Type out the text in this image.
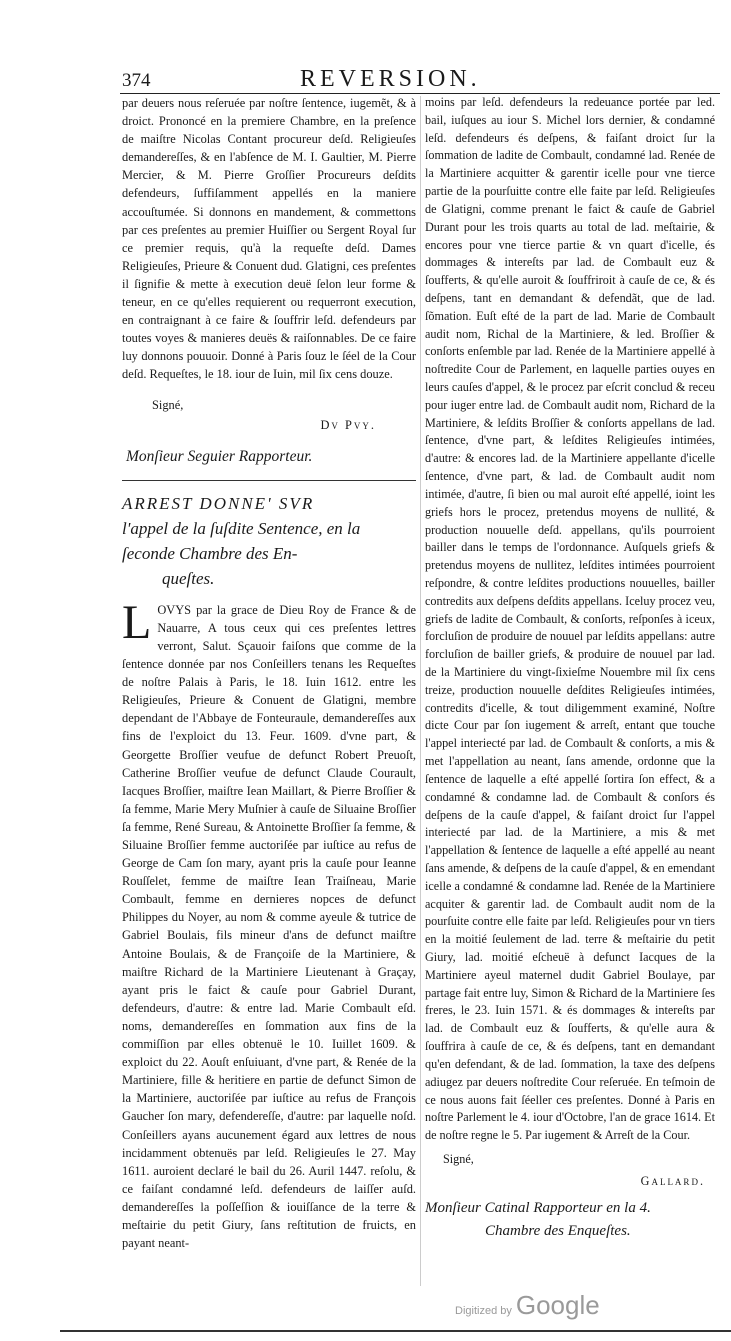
374	REVERSION.

par deuers nous reſeruée par noſtre ſentence, iugemẽt, & à droict. Prononcé en la premiere Chambre, en la preſence de maiſtre Nicolas Contant procureur deſd. Religieuſes demandereſſes, & en l'abſence de M. I. Gaultier, M. Pierre Mercier, & M. Pierre Groſſier Procureurs deſdits defendeurs, ſuffiſamment appellés en la maniere accouſtumée. Si donnons en mandement, & commettons par ces preſentes au premier Huiſſier ou Sergent Royal ſur ce premier requis, qu'à la requeſte deſd. Dames Religieuſes, Prieure & Conuent dud. Glatigni, ces preſentes il ſignifie & mette à execution deuë ſelon leur forme & teneur, en ce qu'elles requierent ou requerront execution, en contraignant à ce faire & ſouffrir leſd. defendeurs par toutes voyes & manieres deuës & raiſonnables. De ce faire luy donnons pouuoir. Donné à Paris ſouz le ſéel de la Cour deſd. Requeſtes, le 18. iour de Iuin, mil ſix cens douze.

Signé,
Dv Pvy.
Monſieur Seguier Rapporteur.
ARREST DONNE' SVR
l'appel de la ſuſdite Sentence, en la
ſeconde Chambre des En-
queſtes.
L OVYS par la grace de Dieu Roy de France & de Nauarre, A tous ceux qui ces preſentes lettres verront, Salut. Sçauoir faiſons que comme de la ſentence donnée par nos Conſeillers tenans les Requeſtes de noſtre Palais à Paris, le 18. Iuin 1612. entre les Religieuſes, Prieure & Conuent de Glatigni, membre dependant de l'Abbaye de Fonteuraule, demandereſſes aux fins de l'exploict du 13. Feur. 1609. d'vne part, & Georgette Broſſier veufue de defunct Robert Preuoſt, Catherine Broſſier veufue de defunct Claude Courault, Iacques Broſſier, maiſtre Iean Maillart, & Pierre Broſſier & ſa femme, Marie Mery Muſnier à cauſe de Siluaine Broſſier ſa femme, René Sureau, & Antoinette Broſſier ſa femme, & Siluaine Broſſier femme auctoriſée par iuſtice au refus de George de Cam ſon mary, ayant pris la cauſe pour Ieanne Rouſſelet, femme de maiſtre Iean Traiſneau, Marie Combault, femme en dernieres nopces de defunct Philippes du Noyer, au nom & comme ayeule & tutrice de Gabriel Boulais, fils mineur d'ans de defunct maiſtre Antoine Boulais, & de Françoiſe de la Martiniere, & maiſtre Richard de la Martiniere Lieutenant à Graçay, ayant pris le faict & cauſe pour Gabriel Durant, defendeurs, d'autre: & entre lad. Marie Combault eſd. noms, demandereſſes en ſommation aux fins de la commiſſion par elles obtenuë le 10. Iuillet 1609. & exploict du 22. Aouſt enſuiuant, d'vne part, & Renée de la Martiniere, fille & heritiere en partie de defunct Simon de la Martiniere, auctoriſée par iuſtice au refus de François Gaucher ſon mary, defendereſſe, d'autre: par laquelle noſd. Conſeillers ayans aucunement égard aux lettres de nous incidamment obtenuës par leſd. Religieuſes le 27. May 1611. auroient declaré le bail du 26. Auril 1447. reſolu, & ce faiſant condamné leſd. defendeurs de laiſſer auſd. demandereſſes la poſſeſſion & iouiſſance de la terre & meſtairie du petit Giury, ſans reſtitution de fruicts, en payant neant-

moins par leſd. defendeurs la redeuance portée par led. bail, iuſques au iour S. Michel lors dernier, & condamné leſd. defendeurs és deſpens, & faiſant droict ſur la ſommation de ladite de Combault, condamné lad. Renée de la Martiniere acquitter & garentir icelle pour vne tierce partie de la pourſuitte contre elle faite par leſd. Religieuſes de Glatigni, comme prenant le faict & cauſe de Gabriel Durant pour les trois quarts au total de lad. meſtairie, & encores pour vne tierce partie & vn quart d'icelle, és dommages & intereſts par lad. de Combault euz & ſoufferts, & qu'elle auroit & ſouffriroit à cauſe de ce, & és deſpens, tant en demandant & defendãt, que de lad. ſõmation. Euſt eſté de la part de lad. Marie de Combault audit nom, Richal de la Martiniere, & led. Broſſier & conſorts enſemble par lad. Renée de la Martiniere appellé à noſtredite Cour de Parlement, en laquelle parties ouyes en leurs cauſes d'appel, & le procez par eſcrit conclud & receu pour iuger entre lad. de Combault audit nom, Richard de la Martiniere, & leſdits Broſſier & conſorts appellans de lad. ſentence, d'vne part, & leſdites Religieuſes intimées, d'autre: & encores lad. de la Martiniere appellante d'icelle ſentence, d'vne part, & lad. de Combault audit nom intimée, d'autre, ſi bien ou mal auroit eſté appellé, ioint les griefs hors le procez, pretendus moyens de nullité, & production nouuelle deſd. appellans, qu'ils pourroient bailler dans le temps de l'ordonnance. Auſquels griefs & pretendus moyens de nullitez, leſdites intimées pourroient reſpondre, & contre leſdites productions nouuelles, bailler contredits aux deſpens deſdits appellans. Iceluy procez veu, griefs de ladite de Combault, & conſorts, reſponſes à iceux, forcluſion de produire de nouuel par leſdits appellans: autre forcluſion de bailler griefs, & produire de nouuel par lad. de la Martiniere du vingt-ſixieſme Nouembre mil ſix cens treize, production nouuelle deſdites Religieuſes intimées, contredits d'icelle, & tout diligemment examiné, Noſtre dicte Cour par ſon iugement & arreſt, entant que touche l'appel interiecté par lad. de Combault & conſorts, a mis & met l'appellation au neant, ſans amende, ordonne que la ſentence de laquelle a eſté appellé ſortira ſon effect, & a condamné & condamne lad. de Combault & conſors és deſpens de la cauſe d'appel, & faiſant droict ſur l'appel interiecté par lad. de la Martiniere, a mis & met l'appellation & ſentence de laquelle a eſté appellé au neant ſans amende, & deſpens de la cauſe d'appel, & en emendant icelle a condamné & condamne lad. Renée de la Martiniere acquiter & garentir lad. de Combault audit nom de la pourſuite contre elle faite par leſd. Religieuſes pour vn tiers en la moitié ſeulement de lad. terre & meſtairie du petit Giury, lad. moitié eſcheuë à defunct Iacques de la Martiniere ayeul maternel dudit Gabriel Boulaye, par partage fait entre luy, Simon & Richard de la Martiniere ſes freres, le 23. Iuin 1571. & és dommages & intereſts par lad. de Combault euz & ſoufferts, & qu'elle aura & ſouffrira à cauſe de ce, & és deſpens, tant en demandant qu'en defendant, & de lad. ſommation, la taxe des deſpens adiugez par deuers noſtredite Cour reſeruée. En teſmoin de ce nous auons fait ſéeller ces preſentes. Donné à Paris en noſtre Parlement le 4. iour d'Octobre, l'an de grace 1614. Et de noſtre regne le 5. Par iugement & Arreſt de la Cour.

Signé,
Gallard.
Monſieur Catinal Rapporteur en la 4.
Chambre des Enqueſtes.
Digitized by Google
